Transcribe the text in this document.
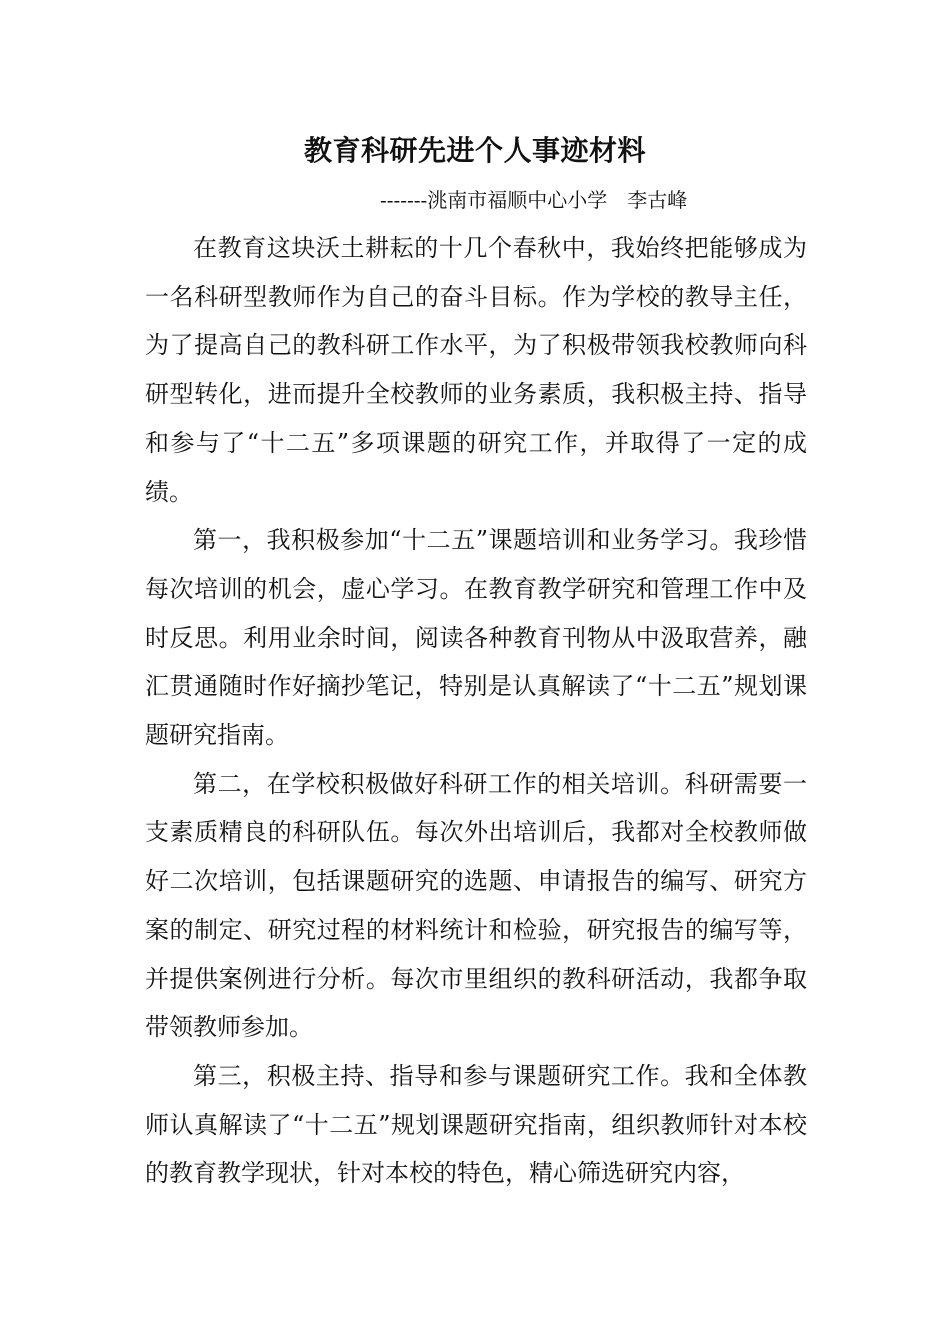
教育科研先进个人事迹材料
-------洮南市福顺中心小学　李古峰

在教育这块沃土耕耘的十几个春秋中，我始终把能够成为一名科研型教师作为自己的奋斗目标。作为学校的教导主任，为了提高自己的教科研工作水平，为了积极带领我校教师向科研型转化，进而提升全校教师的业务素质，我积极主持、指导和参与了“十二五”多项课题的研究工作，并取得了一定的成绩。

第一，我积极参加“十二五”课题培训和业务学习。我珍惜每次培训的机会，虚心学习。在教育教学研究和管理工作中及时反思。利用业余时间，阅读各种教育刊物从中汲取营养，融汇贯通随时作好摘抄笔记，特别是认真解读了“十二五”规划课题研究指南。

第二，在学校积极做好科研工作的相关培训。科研需要一支素质精良的科研队伍。每次外出培训后，我都对全校教师做好二次培训，包括课题研究的选题、申请报告的编写、研究方案的制定、研究过程的材料统计和检验，研究报告的编写等，并提供案例进行分析。每次市里组织的教科研活动，我都争取带领教师参加。

第三，积极主持、指导和参与课题研究工作。我和全体教师认真解读了“十二五”规划课题研究指南，组织教师针对本校的教育教学现状，针对本校的特色，精心筛选研究内容，
